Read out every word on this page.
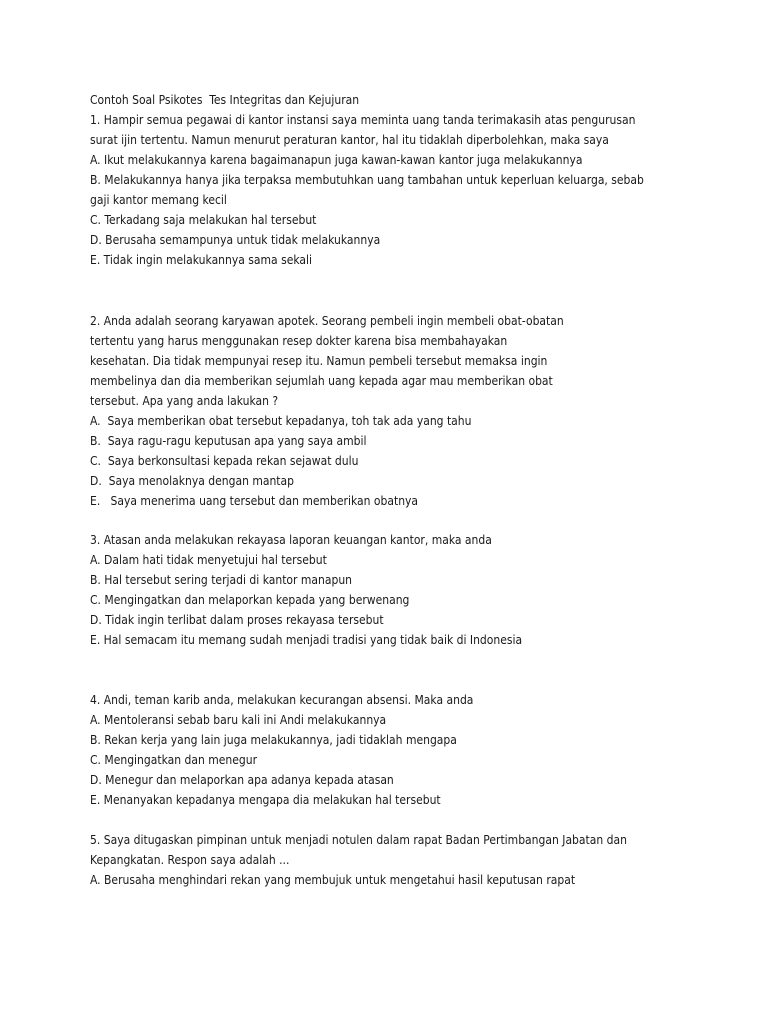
Contoh Soal Psikotes  Tes Integritas dan Kejujuran

1. Hampir semua pegawai di kantor instansi saya meminta uang tanda terimakasih atas pengurusan

surat ijin tertentu. Namun menurut peraturan kantor, hal itu tidaklah diperbolehkan, maka saya

A. Ikut melakukannya karena bagaimanapun juga kawan-kawan kantor juga melakukannya

B. Melakukannya hanya jika terpaksa membutuhkan uang tambahan untuk keperluan keluarga, sebab

gaji kantor memang kecil

C. Terkadang saja melakukan hal tersebut

D. Berusaha semampunya untuk tidak melakukannya

E. Tidak ingin melakukannya sama sekali

2. Anda adalah seorang karyawan apotek. Seorang pembeli ingin membeli obat-obatan

tertentu yang harus menggunakan resep dokter karena bisa membahayakan

kesehatan. Dia tidak mempunyai resep itu. Namun pembeli tersebut memaksa ingin

membelinya dan dia memberikan sejumlah uang kepada agar mau memberikan obat

tersebut. Apa yang anda lakukan ?

A.  Saya memberikan obat tersebut kepadanya, toh tak ada yang tahu

B.  Saya ragu-ragu keputusan apa yang saya ambil

C.  Saya berkonsultasi kepada rekan sejawat dulu

D.  Saya menolaknya dengan mantap

E.   Saya menerima uang tersebut dan memberikan obatnya

3. Atasan anda melakukan rekayasa laporan keuangan kantor, maka anda

A. Dalam hati tidak menyetujui hal tersebut

B. Hal tersebut sering terjadi di kantor manapun

C. Mengingatkan dan melaporkan kepada yang berwenang

D. Tidak ingin terlibat dalam proses rekayasa tersebut

E. Hal semacam itu memang sudah menjadi tradisi yang tidak baik di Indonesia

4. Andi, teman karib anda, melakukan kecurangan absensi. Maka anda

A. Mentoleransi sebab baru kali ini Andi melakukannya

B. Rekan kerja yang lain juga melakukannya, jadi tidaklah mengapa

C. Mengingatkan dan menegur

D. Menegur dan melaporkan apa adanya kepada atasan

E. Menanyakan kepadanya mengapa dia melakukan hal tersebut

5. Saya ditugaskan pimpinan untuk menjadi notulen dalam rapat Badan Pertimbangan Jabatan dan

Kepangkatan. Respon saya adalah ...

A. Berusaha menghindari rekan yang membujuk untuk mengetahui hasil keputusan rapat
